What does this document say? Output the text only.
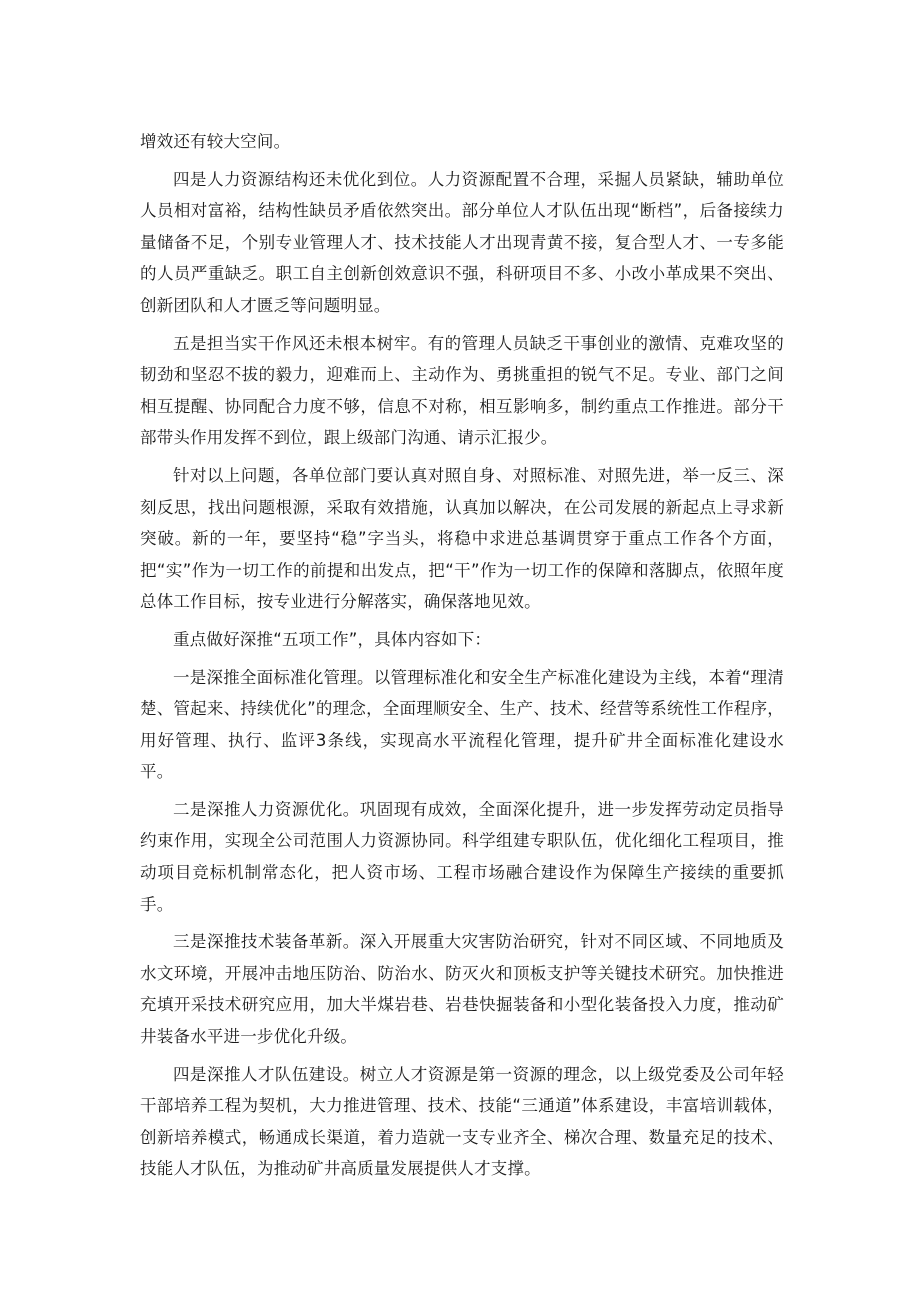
增效还有较大空间。

四是人力资源结构还未优化到位。人力资源配置不合理，采掘人员紧缺，辅助单位人员相对富裕，结构性缺员矛盾依然突出。部分单位人才队伍出现“断档”，后备接续力量储备不足，个别专业管理人才、技术技能人才出现青黄不接，复合型人才、一专多能的人员严重缺乏。职工自主创新创效意识不强，科研项目不多、小改小革成果不突出、创新团队和人才匮乏等问题明显。

五是担当实干作风还未根本树牢。有的管理人员缺乏干事创业的激情、克难攻坚的韧劲和坚忍不拔的毅力，迎难而上、主动作为、勇挑重担的锐气不足。专业、部门之间相互提醒、协同配合力度不够，信息不对称，相互影响多，制约重点工作推进。部分干部带头作用发挥不到位，跟上级部门沟通、请示汇报少。

针对以上问题，各单位部门要认真对照自身、对照标准、对照先进，举一反三、深刻反思，找出问题根源，采取有效措施，认真加以解决，在公司发展的新起点上寻求新突破。新的一年，要坚持“稳”字当头，将稳中求进总基调贯穿于重点工作各个方面，把“实”作为一切工作的前提和出发点，把“干”作为一切工作的保障和落脚点，依照年度总体工作目标，按专业进行分解落实，确保落地见效。

重点做好深推“五项工作”，具体内容如下：

一是深推全面标准化管理。以管理标准化和安全生产标准化建设为主线，本着“理清楚、管起来、持续优化”的理念，全面理顺安全、生产、技术、经营等系统性工作程序，用好管理、执行、监评3条线，实现高水平流程化管理，提升矿井全面标准化建设水平。

二是深推人力资源优化。巩固现有成效，全面深化提升，进一步发挥劳动定员指导约束作用，实现全公司范围人力资源协同。科学组建专职队伍，优化细化工程项目，推动项目竞标机制常态化，把人资市场、工程市场融合建设作为保障生产接续的重要抓手。

三是深推技术装备革新。深入开展重大灾害防治研究，针对不同区域、不同地质及水文环境，开展冲击地压防治、防治水、防灭火和顶板支护等关键技术研究。加快推进充填开采技术研究应用，加大半煤岩巷、岩巷快掘装备和小型化装备投入力度，推动矿井装备水平进一步优化升级。

四是深推人才队伍建设。树立人才资源是第一资源的理念，以上级党委及公司年轻干部培养工程为契机，大力推进管理、技术、技能“三通道”体系建设，丰富培训载体，创新培养模式，畅通成长渠道，着力造就一支专业齐全、梯次合理、数量充足的技术、技能人才队伍，为推动矿井高质量发展提供人才支撑。
